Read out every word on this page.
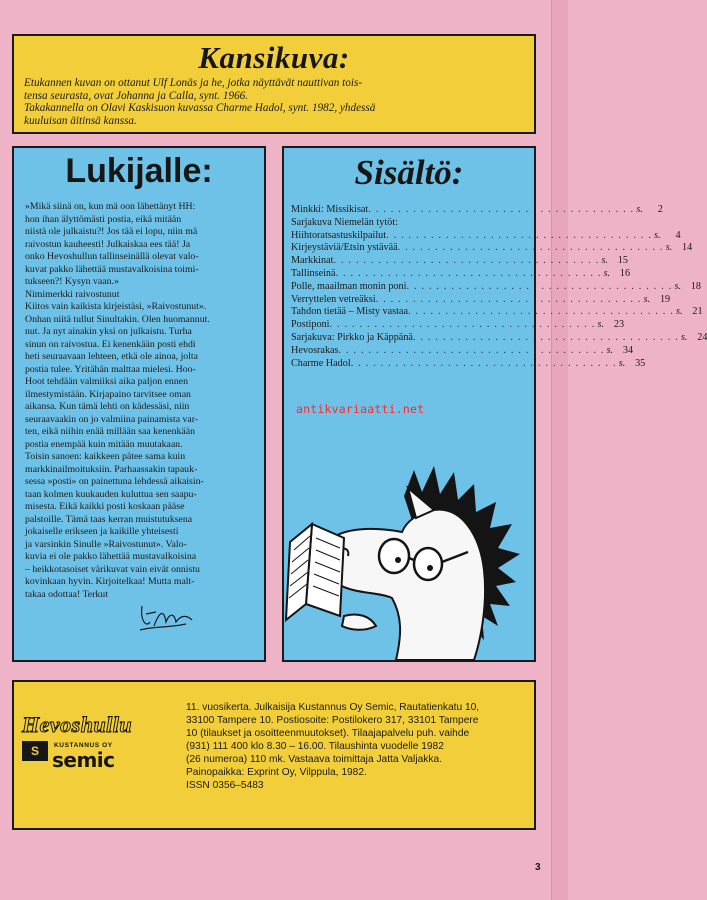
Kansikuva:

Etukannen kuvan on ottanut Ulf Lonäs ja he, jotka näyttävät nauttivan tois-

tensa seurasta, ovat Johanna ja Calla, synt. 1966.

Takakannella on Olavi Kaskisuon kuvassa Charme Hadol, synt. 1982, yhdessä

kuuluisan äitinsä kanssa.

Lukijalle:

»Mikä siinä on, kun mä oon lähettänyt HH:

hon ihan älyttömästi postia, eikä mitään

niistä ole julkaistu?! Jos tää ei lopu, niin mä

raivostun kauheesti! Julkaiskaa ees tää! Ja

onko Hevoshullun tallinseinällä olevat valo-

kuvat pakko lähettää mustavalkoisina toimi-

tukseen?! Kysyn vaan.»

Nimimerkki raivostunut

Kiitos vain kaikista kirjeistäsi, »Raivostunut».

Onhan niitä tullut Sinultakin. Olen huomannut.

nut. Ja nyt ainakin yksi on julkaistu. Turha

sinun on raivostua. Ei kenenkään posti ehdi

heti seuraavaan lehteen, etkä ole ainoa, jolta

postia tulee. Yritähän malttaa mielesi. Hoo-

Hoot tehdään valmiiksi aika paljon ennen

ilmestymistään. Kirjapaino tarvitsee oman

aikansa. Kun tämä lehti on kädessäsi, niin

seuraavaakin on jo valmiina painamista var-

ten, eikä niihin enää millään saa kenenkään

postia enempää kuin mitään muutakaan.

Toisin sanoen: kaikkeen pätee sama kuin

markkinailmoituksiin. Parhaassakin tapauk-

sessa »posti» on painettuna lehdessä aikaisin-

taan kolmen kuukauden kuluttua sen saapu-

misesta. Eikä kaikki posti koskaan pääse

palstoille. Tämä taas kerran muistutuksena

jokaiselle erikseen ja kaikille yhteisesti

ja varsinkin Sinulle »Raivostunut». Valo-

kuvia ei ole pakko lähettää mustavalkoisina

– heikkotasoiset värikuvat vain eivät onnistu

kovinkaan hyvin. Kirjoitelkaa! Mutta malt-

takaa odottaa! Terkut

Sisältö:
Minkki: Missikisat . . . . . . . . . . . . . . . . . . . . . . . . . . . . . . . . . . . . s.	2
Sarjakuva Niemelän tytöt:
Hiihtoratsastuskilpailut . . . . . . . . . . . . . . . . . . . . . . . . . . . . . . . . . . . . s.	4
Kirjeystäviä/Etsin ystävää . . . . . . . . . . . . . . . . . . . . . . . . . . . . . . . . . . . . s. 14
Markkinat . . . . . . . . . . . . . . . . . . . . . . . . . . . . . . . . . . . . s. 15
Tallinseinä . . . . . . . . . . . . . . . . . . . . . . . . . . . . . . . . . . . . s. 16
Polle, maailman monin poni . . . . . . . . . . . . . . . . . . . . . . . . . . . . . . . . . . . . s. 18
Verryttelen vetreäksi . . . . . . . . . . . . . . . . . . . . . . . . . . . . . . . . . . . . s. 19
Tahdon tietää – Misty vastaa . . . . . . . . . . . . . . . . . . . . . . . . . . . . . . . . . . . . s. 21
Postiponi . . . . . . . . . . . . . . . . . . . . . . . . . . . . . . . . . . . . s. 23
Sarjakuva: Pirkko ja Käppänä . . . . . . . . . . . . . . . . . . . . . . . . . . . . . . . . . . . . s. 24
Hevosrakas . . . . . . . . . . . . . . . . . . . . . . . . . . . . . . . . . . . . s. 34
Charme Hadol . . . . . . . . . . . . . . . . . . . . . . . . . . . . . . . . . . . . s. 35
antikvariaatti.net
Hevoshullu
S	KUSTANNUS OY
semic

11. vuosikerta. Julkaisija Kustannus Oy Semic, Rautatienkatu 10,

33100 Tampere 10. Postiosoite: Postilokero 317, 33101 Tampere

10 (tilaukset ja osoitteenmuutokset). Tilaajapalvelu puh. vaihde

(931) 111 400 klo 8.30 – 16.00. Tilaushinta vuodelle 1982

(26 numeroa) 110 mk. Vastaava toimittaja Jatta Valjakka.

Painopaikka: Exprint Oy, Vilppula, 1982.

ISSN 0356–5483

3
